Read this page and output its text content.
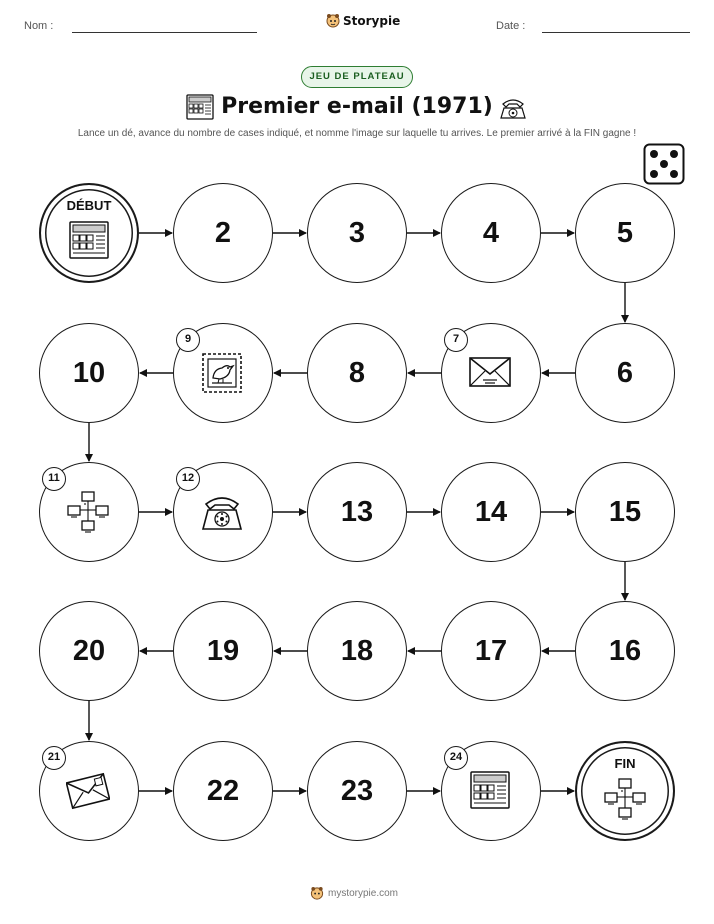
Nom :	Storypie	Date :
JEU DE PLATEAU
Premier e-mail (1971)
Lance un dé, avance du nombre de cases indiqué, et nomme l'image sur laquelle tu arrives. Le premier arrivé à la FIN gagne !
DÉBUT
2	3	4	5
6
7
8
9
10
11	12
13	14	15
16
17
18
19
20
21
22	23
24	FIN
mystorypie.com
